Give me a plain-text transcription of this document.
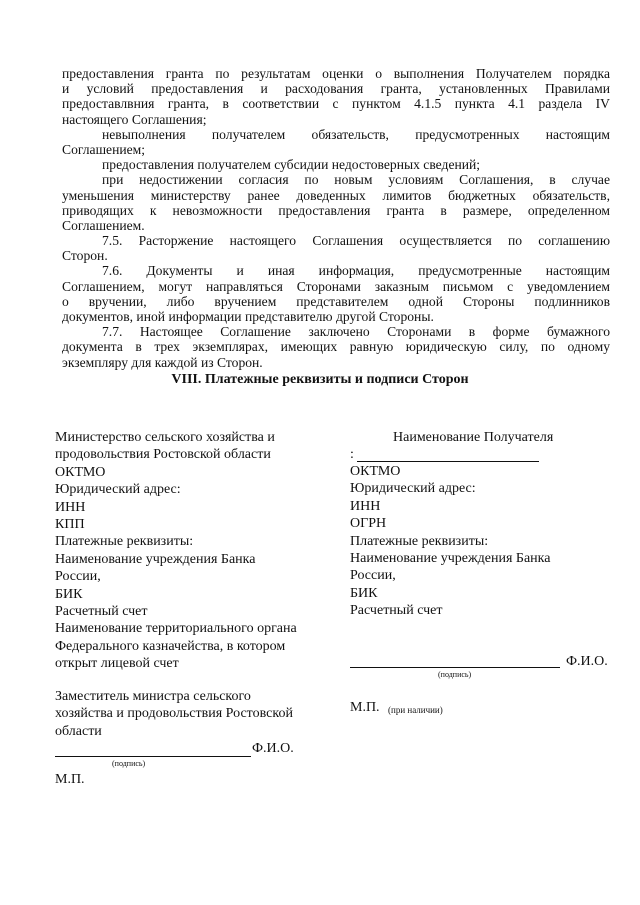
предоставления гранта по результатам оценки о выполнения Получателем порядка
и условий предоставления и расходования гранта, установленных Правилами
предоставлвния гранта, в соответствии с пунктом 4.1.5 пункта 4.1 раздела IV
настоящего Соглашения;
невыполнения получателем обязательств, предусмотренных настоящим
Соглашением;
предоставления получателем субсидии недостоверных сведений;
при недостижении согласия по новым условиям Соглашения, в случае
уменьшения министерству ранее доведенных лимитов бюджетных обязательств,
приводящих к невозможности предоставления гранта в размере, определенном
Соглашением.
7.5. Расторжение настоящего Соглашения осуществляется по соглашению
Сторон.
7.6. Документы и иная информация, предусмотренные настоящим
Соглашением, могут направляться Сторонами заказным письмом с уведомлением
о вручении, либо вручением представителем одной Стороны подлинников
документов, иной информации представителю другой Стороны.
7.7. Настоящее Соглашение заключено Сторонами в форме бумажного
документа в трех экземплярах, имеющих равную юридическую силу, по одному
экземпляру для каждой из Сторон.
VIII. Платежные реквизиты и подписи Сторон
Министерство сельского хозяйства и
продовольствия Ростовской области
ОКТМО
Юридический адрес:
ИНН
КПП
Платежные реквизиты:
Наименование учреждения Банка
России,
БИК
Расчетный счет
Наименование территориального органа
Федерального казначейства, в котором
открыт лицевой счет
Заместитель министра сельского
хозяйства и продовольствия Ростовской
области
Ф.И.О.
(подпись)
М.П.
Наименование Получателя
:
ОКТМО
Юридический адрес:
ИНН
ОГРН
Платежные реквизиты:
Наименование учреждения Банка
России,
БИК
Расчетный счет
Ф.И.О.
(подпись)
М.П. (при наличии)
